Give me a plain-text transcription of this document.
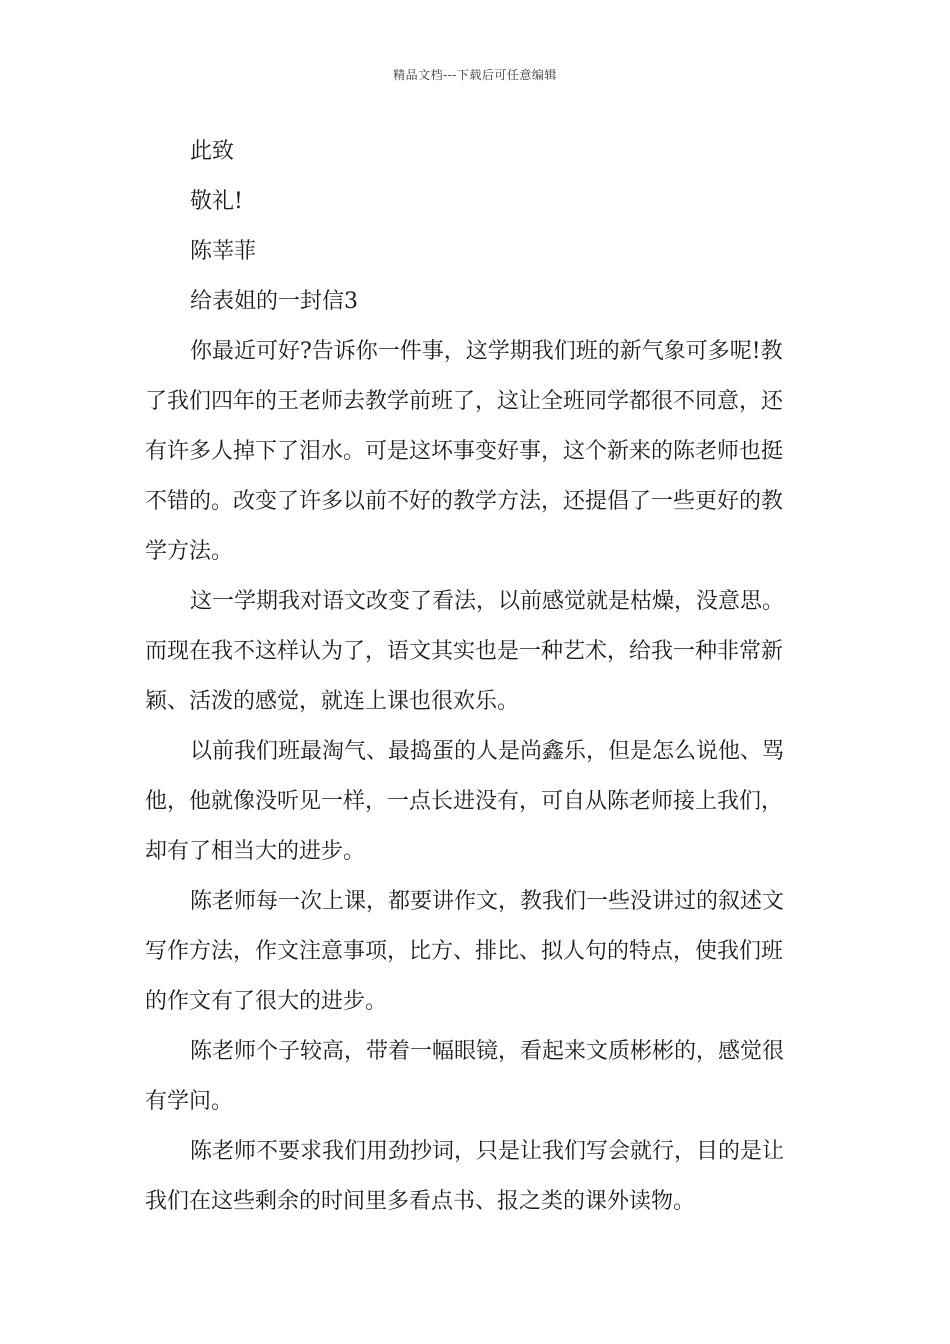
精品文档---下载后可任意编辑
此致
敬礼!
陈莘菲
给表姐的一封信3
你最近可好?告诉你一件事，这学期我们班的新气象可多呢!教
了我们四年的王老师去教学前班了，这让全班同学都很不同意，还
有许多人掉下了泪水。可是这坏事变好事，这个新来的陈老师也挺
不错的。改变了许多以前不好的教学方法，还提倡了一些更好的教
学方法。
这一学期我对语文改变了看法，以前感觉就是枯燥，没意思。
而现在我不这样认为了，语文其实也是一种艺术，给我一种非常新
颖、活泼的感觉，就连上课也很欢乐。
以前我们班最淘气、最捣蛋的人是尚鑫乐，但是怎么说他、骂
他，他就像没听见一样，一点长进没有，可自从陈老师接上我们，
却有了相当大的进步。
陈老师每一次上课，都要讲作文，教我们一些没讲过的叙述文
写作方法，作文注意事项，比方、排比、拟人句的特点，使我们班
的作文有了很大的进步。
陈老师个子较高，带着一幅眼镜，看起来文质彬彬的，感觉很
有学问。
陈老师不要求我们用劲抄词，只是让我们写会就行，目的是让
我们在这些剩余的时间里多看点书、报之类的课外读物。
